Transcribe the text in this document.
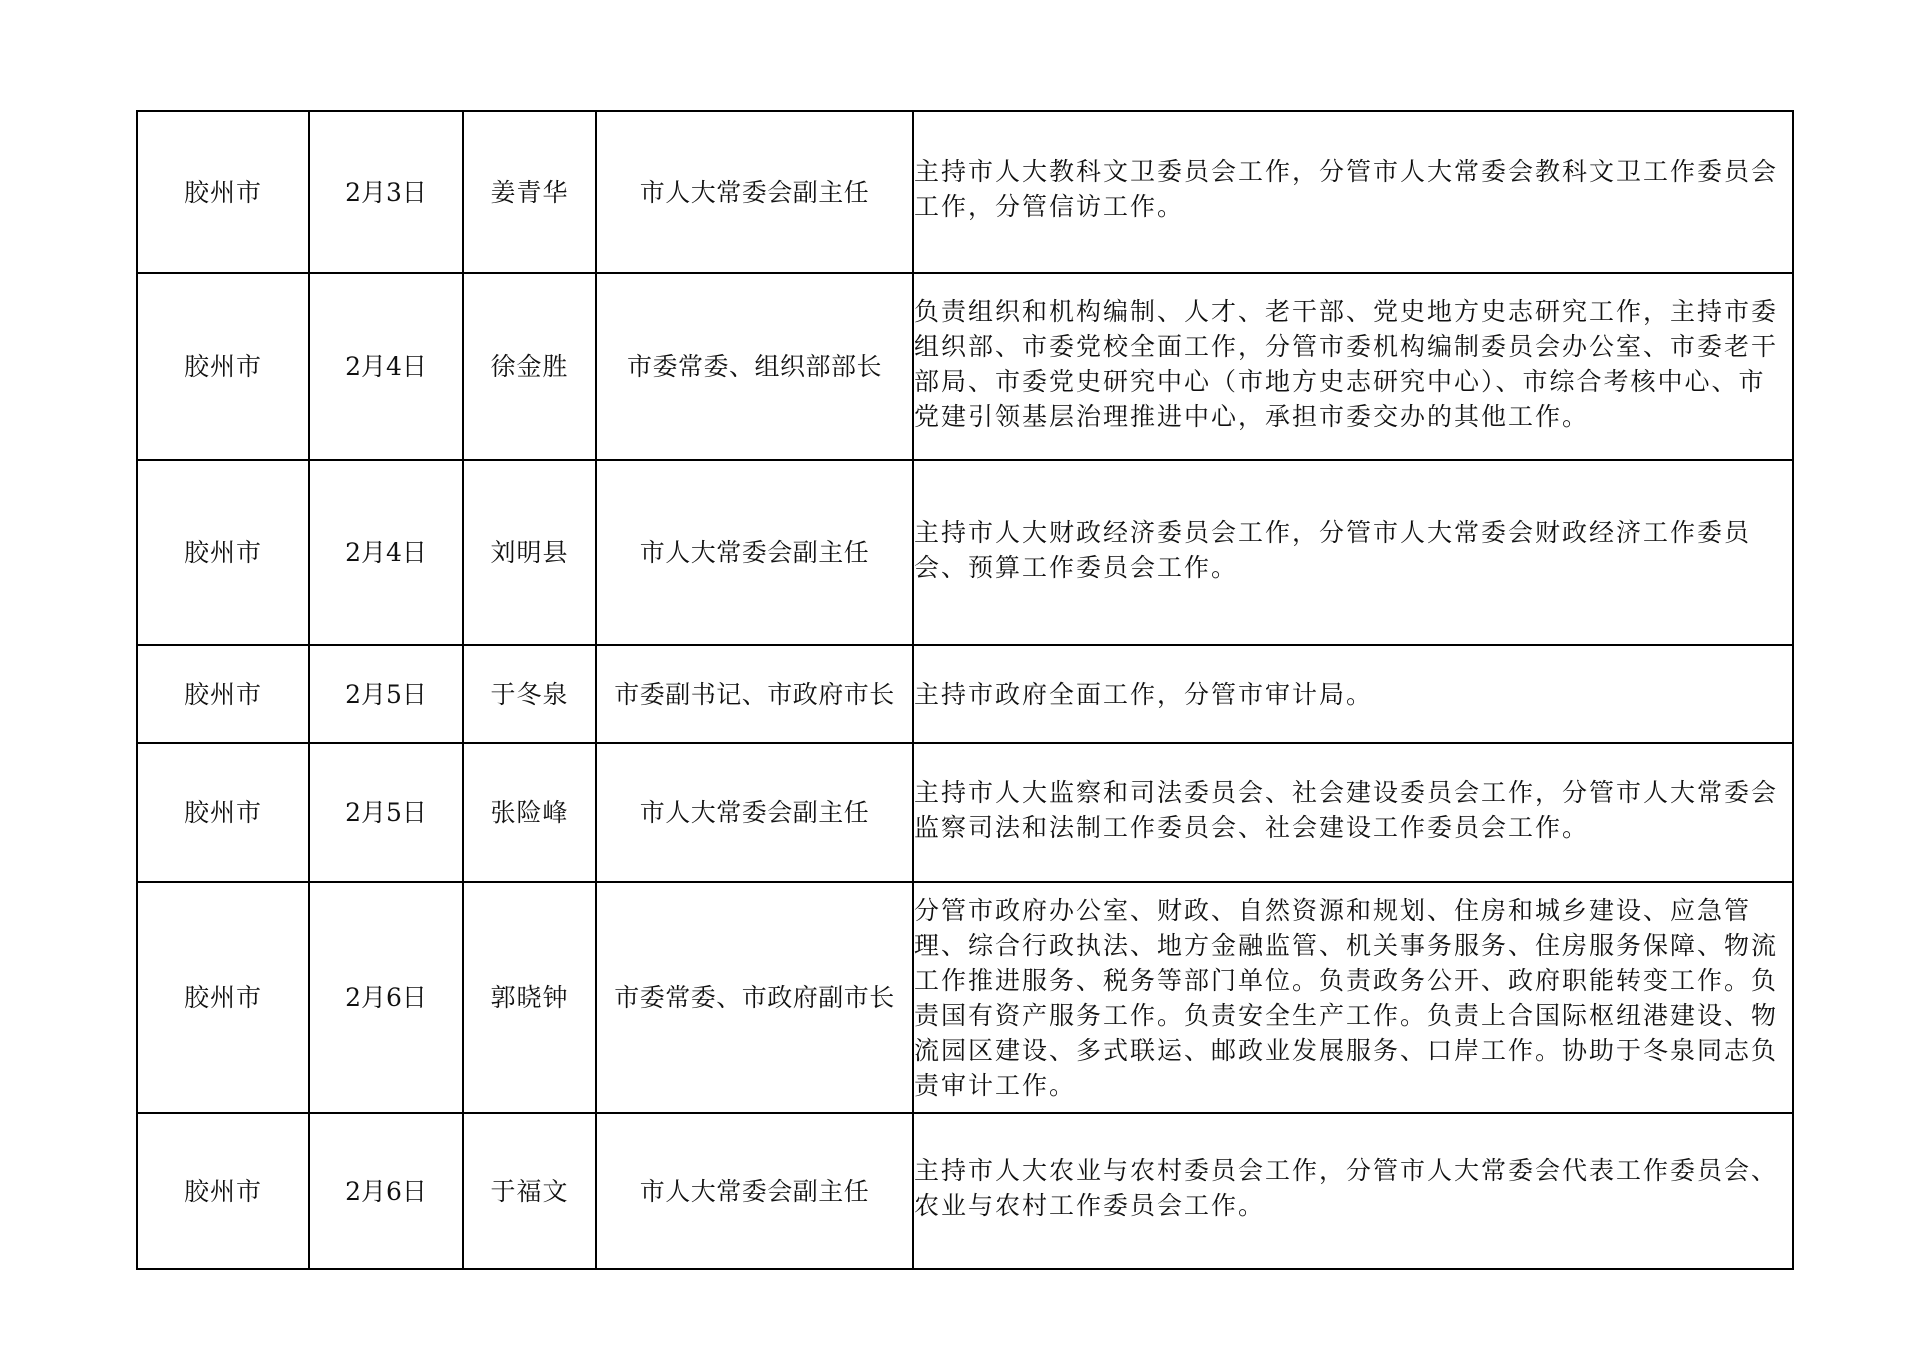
胶州市	2月3日	姜青华	市人大常委会副主任	主持市人大教科文卫委员会工作，分管市人大常委会教科文卫工作委员会工作，分管信访工作。

胶州市	2月4日	徐金胜	市委常委、组织部部长	负责组织和机构编制、人才、老干部、党史地方史志研究工作，主持市委组织部、市委党校全面工作，分管市委机构编制委员会办公室、市委老干部局、市委党史研究中心（市地方史志研究中心）、市综合考核中心、市党建引领基层治理推进中心，承担市委交办的其他工作。

胶州市	2月4日	刘明县	市人大常委会副主任	主持市人大财政经济委员会工作，分管市人大常委会财政经济工作委员会、预算工作委员会工作。

胶州市	2月5日	于冬泉	市委副书记、市政府市长	主持市政府全面工作，分管市审计局。

胶州市	2月5日	张险峰	市人大常委会副主任	主持市人大监察和司法委员会、社会建设委员会工作，分管市人大常委会监察司法和法制工作委员会、社会建设工作委员会工作。

胶州市	2月6日	郭晓钟	市委常委、市政府副市长	分管市政府办公室、财政、自然资源和规划、住房和城乡建设、应急管理、综合行政执法、地方金融监管、机关事务服务、住房服务保障、物流工作推进服务、税务等部门单位。负责政务公开、政府职能转变工作。负责国有资产服务工作。负责安全生产工作。负责上合国际枢纽港建设、物流园区建设、多式联运、邮政业发展服务、口岸工作。协助于冬泉同志负责审计工作。

胶州市	2月6日	于福文	市人大常委会副主任	主持市人大农业与农村委员会工作，分管市人大常委会代表工作委员会、农业与农村工作委员会工作。
